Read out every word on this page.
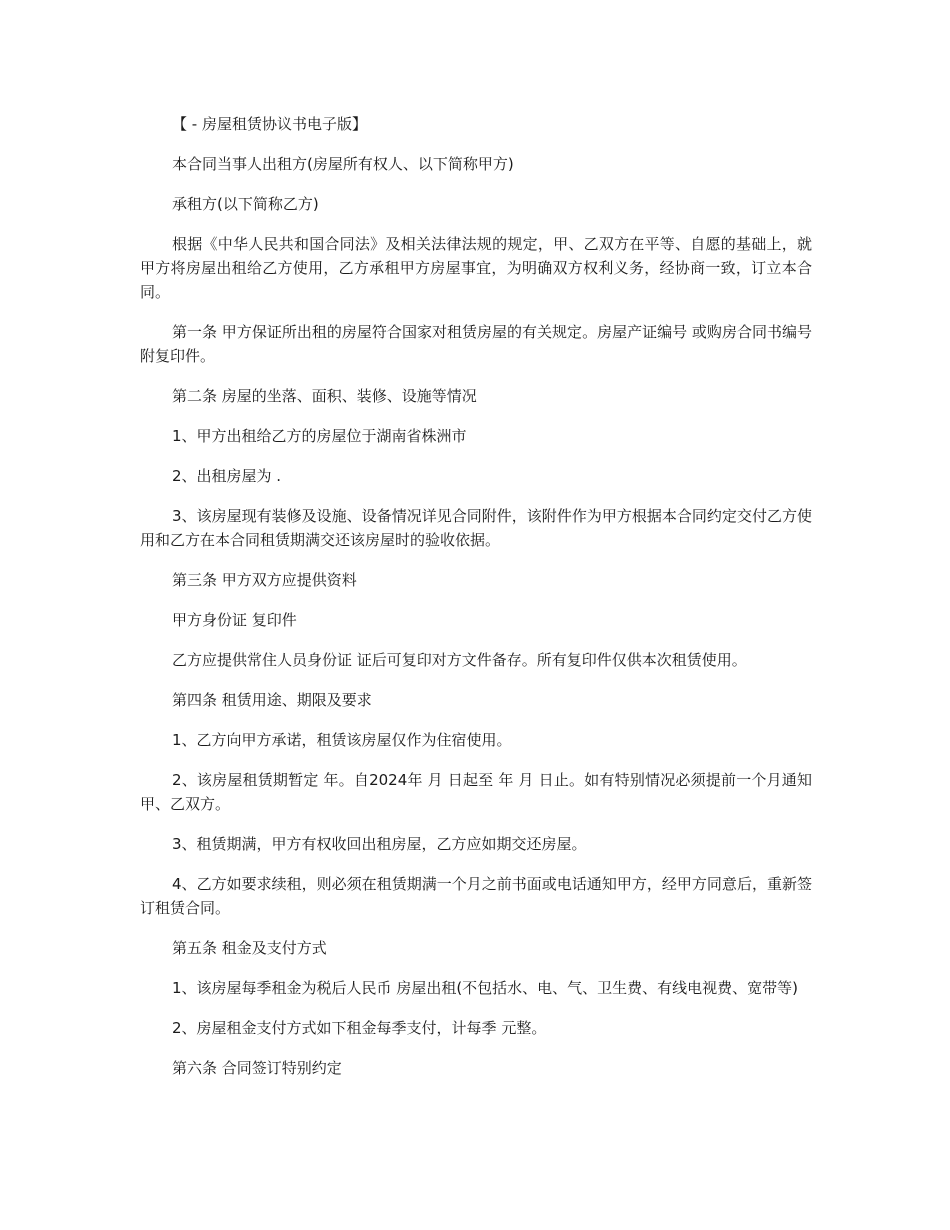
【 - 房屋租赁协议书电子版】

本合同当事人出租方(房屋所有权人、以下简称甲方)

承租方(以下简称乙方)

根据《中华人民共和国合同法》及相关法律法规的规定，甲、乙双方在平等、自愿的基础上，就甲方将房屋出租给乙方使用，乙方承租甲方房屋事宜，为明确双方权利义务，经协商一致，订立本合同。

第一条 甲方保证所出租的房屋符合国家对租赁房屋的有关规定。房屋产证编号 或购房合同书编号 附复印件。

第二条 房屋的坐落、面积、装修、设施等情况

1、甲方出租给乙方的房屋位于湖南省株洲市

2、出租房屋为 .

3、该房屋现有装修及设施、设备情况详见合同附件，该附件作为甲方根据本合同约定交付乙方使用和乙方在本合同租赁期满交还该房屋时的验收依据。

第三条 甲方双方应提供资料

甲方身份证 复印件

乙方应提供常住人员身份证 证后可复印对方文件备存。所有复印件仅供本次租赁使用。

第四条 租赁用途、期限及要求

1、乙方向甲方承诺，租赁该房屋仅作为住宿使用。

2、该房屋租赁期暂定 年。自2024年 月 日起至 年 月 日止。如有特别情况必须提前一个月通知甲、乙双方。

3、租赁期满，甲方有权收回出租房屋，乙方应如期交还房屋。

4、乙方如要求续租，则必须在租赁期满一个月之前书面或电话通知甲方，经甲方同意后，重新签订租赁合同。

第五条 租金及支付方式

1、该房屋每季租金为税后人民币 房屋出租(不包括水、电、气、卫生费、有线电视费、宽带等)

2、房屋租金支付方式如下租金每季支付，计每季 元整。

第六条 合同签订特别约定
